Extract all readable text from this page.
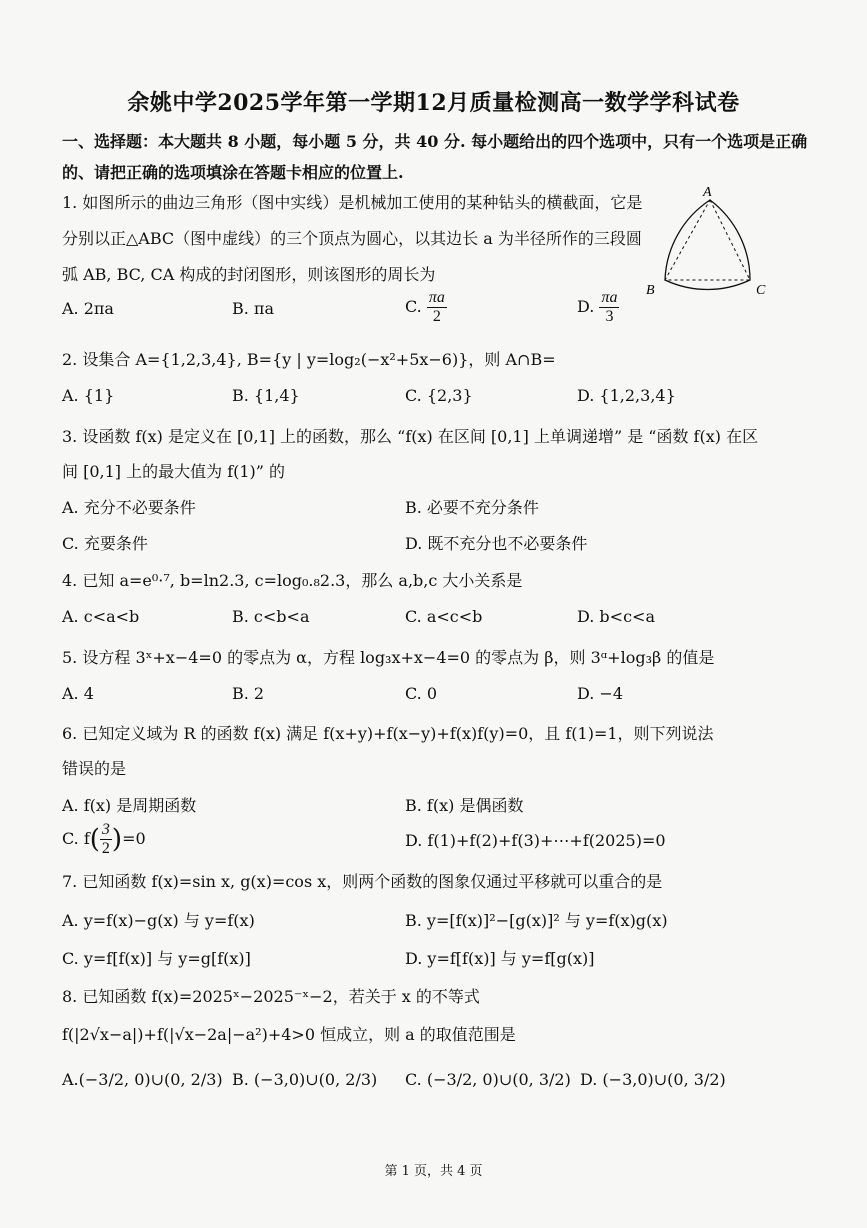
余姚中学2025学年第一学期12月质量检测高一数学学科试卷
一、选择题：本大题共 8 小题，每小题 5 分，共 40 分. 每小题给出的四个选项中，只有一个选项是正确的、请把正确的选项填涂在答题卡相应的位置上.
1. 如图所示的曲边三角形（图中实线）是机械加工使用的某种钻头的横截面，它是
分别以正△ABC（图中虚线）的三个顶点为圆心，以其边长 a 为半径所作的三段圆
弧 AB, BC, CA 构成的封闭图形，则该图形的周长为
A. 2πa	B. πa	C. $\frac{\pi a}{2}$	D. $\frac{\pi a}{3}$
A
B	C
2. 设集合 A={1,2,3,4}, B={y | y=log₂(−x²+5x−6)}，则 A∩B=
A. {1}	B. {1,4}	C. {2,3}	D. {1,2,3,4}
3. 设函数 f(x) 是定义在 [0,1] 上的函数，那么 “f(x) 在区间 [0,1] 上单调递增” 是 “函数 f(x) 在区
间 [0,1] 上的最大值为 f(1)” 的
A. 充分不必要条件	B. 必要不充分条件
C. 充要条件	D. 既不充分也不必要条件
4. 已知 a=e⁰·⁷, b=ln2.3, c=log₀.₈2.3，那么 a,b,c 大小关系是
A. c<a<b	B. c<b<a	C. a<c<b	D. b<c<a
5. 设方程 3ˣ+x−4=0 的零点为 α，方程 log₃x+x−4=0 的零点为 β，则 3ᵅ+log₃β 的值是
A. 4	B. 2	C. 0	D. −4
6. 已知定义域为 R 的函数 f(x) 满足 f(x+y)+f(x−y)+f(x)f(y)=0，且 f(1)=1，则下列说法
错误的是
A. f(x) 是周期函数	B. f(x) 是偶函数
C. $f( \frac{3}{2} )=0$	D. f(1)+f(2)+f(3)+⋯+f(2025)=0
7. 已知函数 f(x)=sin x, g(x)=cos x，则两个函数的图象仅通过平移就可以重合的是
A. y=f(x)−g(x) 与 y=f(x)	B. y=[f(x)]²−[g(x)]² 与 y=f(x)g(x)
C. y=f[f(x)] 与 y=g[f(x)]	D. y=f[f(x)] 与 y=f[g(x)]
8. 已知函数 f(x)=2025ˣ−2025⁻ˣ−2，若关于 x 的不等式
f(|2√x−a|)+f(|√x−2a|−a²)+4>0 恒成立，则 a 的取值范围是
A.(−3/2, 0)∪(0, 2/3) B. (−3,0)∪(0, 2/3) C. (−3/2, 0)∪(0, 3/2) D. (−3,0)∪(0, 3/2)
第 1 页，共 4 页
